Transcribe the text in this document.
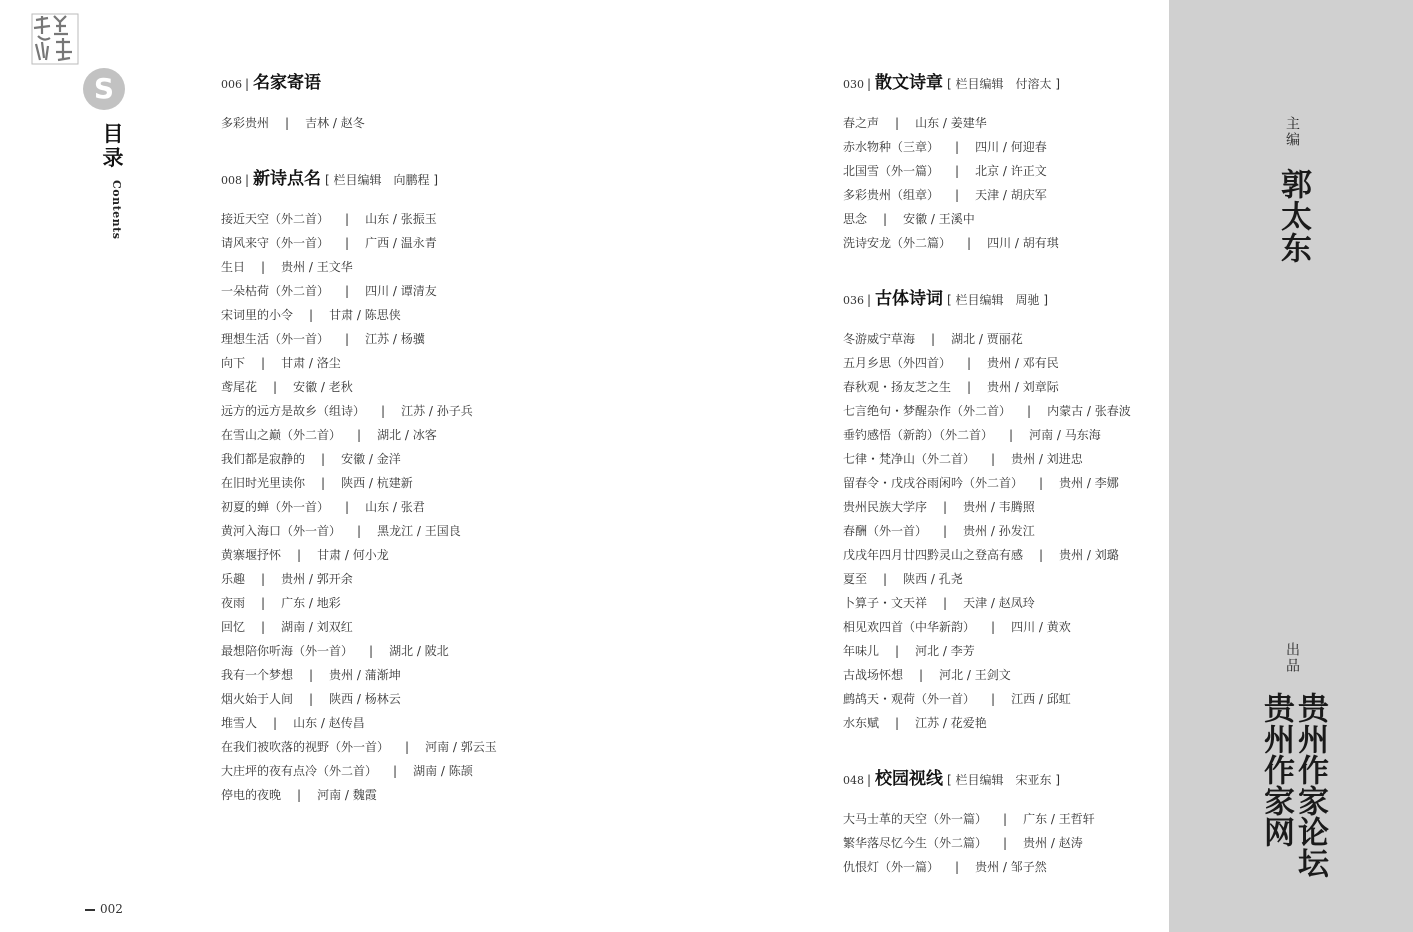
S
目录
Contents
002
006 | 名家寄语
多彩贵州 | 吉林 / 赵冬
008 | 新诗点名 [ 栏目编辑　向鹏程 ]
接近天空（外二首） | 山东 / 张振玉
请风来守（外一首） | 广西 / 温永青
生日 | 贵州 / 王文华
一朵枯荷（外二首） | 四川 / 谭清友
宋词里的小令 | 甘肃 / 陈思侠
理想生活（外一首） | 江苏 / 杨骥
向下 | 甘肃 / 洛尘
鸢尾花 | 安徽 / 老秋
远方的远方是故乡（组诗） | 江苏 / 孙子兵
在雪山之巅（外二首） | 湖北 / 冰客
我们都是寂静的 | 安徽 / 金洋
在旧时光里读你 | 陕西 / 杭建新
初夏的蝉（外一首） | 山东 / 张君
黄河入海口（外一首） | 黑龙江 / 王国良
黄寨堰抒怀 | 甘肃 / 何小龙
乐趣 | 贵州 / 郭开余
夜雨 | 广东 / 地彩
回忆 | 湖南 / 刘双红
最想陪你听海（外一首） | 湖北 / 陂北
我有一个梦想 | 贵州 / 蒲渐坤
烟火始于人间 | 陕西 / 杨林云
堆雪人 | 山东 / 赵传昌
在我们被吹落的视野（外一首） | 河南 / 郭云玉
大庄坪的夜有点冷（外二首） | 湖南 / 陈颉
停电的夜晚 | 河南 / 魏霞
030 | 散文诗章 [ 栏目编辑　付溶太 ]
春之声 | 山东 / 姜建华
赤水物种（三章） | 四川 / 何迎春
北国雪（外一篇） | 北京 / 许正文
多彩贵州（组章） | 天津 / 胡庆军
思念 | 安徽 / 王溪中
洗诗安龙（外二篇） | 四川 / 胡有琪
036 | 古体诗词 [ 栏目编辑　周驰 ]
冬游威宁草海 | 湖北 / 贾丽花
五月乡思（外四首） | 贵州 / 邓有民
春秋观・扬友芝之生 | 贵州 / 刘章际
七言绝句・梦醒杂作（外二首） | 内蒙古 / 张春波
垂钓感悟（新韵）（外二首） | 河南 / 马东海
七律・梵净山（外二首） | 贵州 / 刘进忠
留春令・戊戌谷雨闲吟（外二首） | 贵州 / 李娜
贵州民族大学序 | 贵州 / 韦腾照
春酬（外一首） | 贵州 / 孙发江
戊戌年四月廿四黔灵山之登高有感 | 贵州 / 刘璐
夏至 | 陕西 / 孔尧
卜算子・文天祥 | 天津 / 赵凤玲
相见欢四首（中华新韵） | 四川 / 黄欢
年味儿 | 河北 / 李芳
古战场怀想 | 河北 / 王剑文
鹧鸪天・观荷（外一首） | 江西 / 邱虹
水东赋 | 江苏 / 花爱艳
048 | 校园视线 [ 栏目编辑　宋亚东 ]
大马士革的天空（外一篇） | 广东 / 王哲轩
繁华落尽忆今生（外二篇） | 贵州 / 赵涛
仇恨灯（外一篇） | 贵州 / 邹子然
主编
郭太东
出品
贵州作家论坛 贵州作家网
